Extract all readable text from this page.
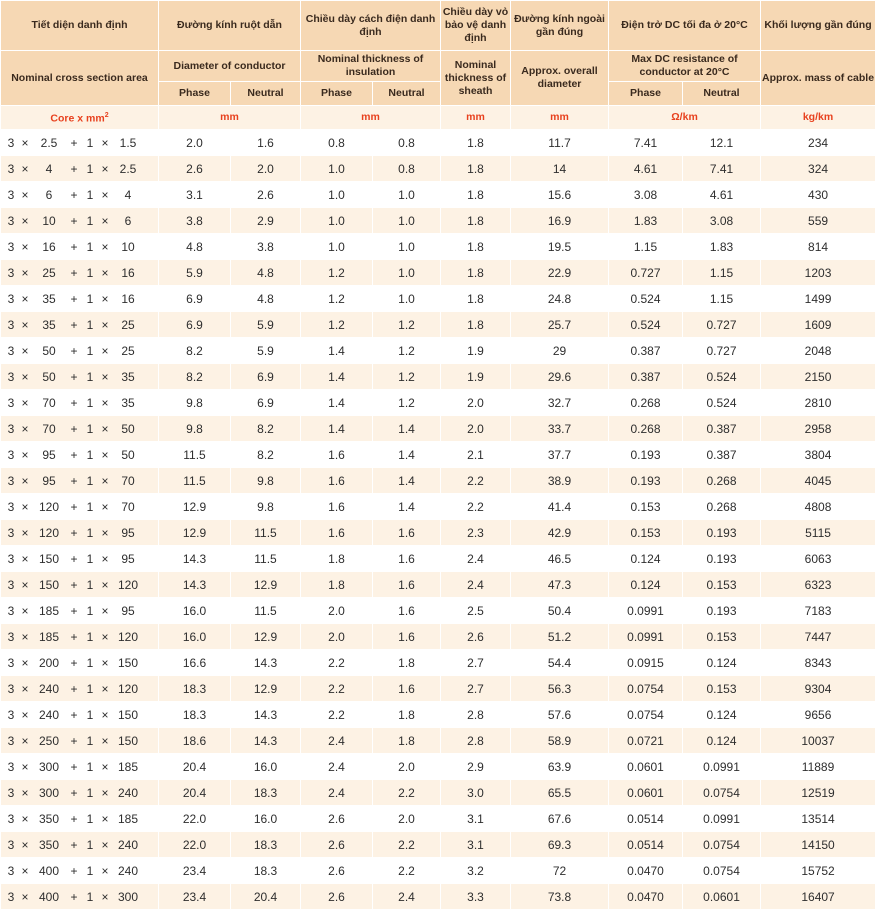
Tiết diện danh định	Đường kính ruột dẫn		Chiều dày cách điện danh định		Chiều dày vỏ bảo vệ danh định	Đường kính ngoài gần đúng	Điện trở DC tối đa ở 20°C		Khối lượng gần đúng
Nominal cross section area	Diameter of conductor		Nominal thickness of insulation		Nominal thickness of sheath	Approx. overall diameter	Max DC resistance of conductor at 20°C		Approx. mass of cable
	Phase	Neutral	Phase	Neutral			Phase	Neutral	
Core x $mm^2$	mm		mm		mm	mm	Ω/km		kg/km
3 × 2.5 + 1 × 1.5	2.0	1.6	0.8	0.8	1.8	11.7	7.41	12.1	234
3 × 4 + 1 × 2.5	2.6	2.0	1.0	0.8	1.8	14	4.61	7.41	324
3 × 6 + 1 × 4	3.1	2.6	1.0	1.0	1.8	15.6	3.08	4.61	430
3 × 10 + 1 × 6	3.8	2.9	1.0	1.0	1.8	16.9	1.83	3.08	559
3 × 16 + 1 × 10	4.8	3.8	1.0	1.0	1.8	19.5	1.15	1.83	814
3 × 25 + 1 × 16	5.9	4.8	1.2	1.0	1.8	22.9	0.727	1.15	1203
3 × 35 + 1 × 16	6.9	4.8	1.2	1.0	1.8	24.8	0.524	1.15	1499
3 × 35 + 1 × 25	6.9	5.9	1.2	1.2	1.8	25.7	0.524	0.727	1609
3 × 50 + 1 × 25	8.2	5.9	1.4	1.2	1.9	29	0.387	0.727	2048
3 × 50 + 1 × 35	8.2	6.9	1.4	1.2	1.9	29.6	0.387	0.524	2150
3 × 70 + 1 × 35	9.8	6.9	1.4	1.2	2.0	32.7	0.268	0.524	2810
3 × 70 + 1 × 50	9.8	8.2	1.4	1.4	2.0	33.7	0.268	0.387	2958
3 × 95 + 1 × 50	11.5	8.2	1.6	1.4	2.1	37.7	0.193	0.387	3804
3 × 95 + 1 × 70	11.5	9.8	1.6	1.4	2.2	38.9	0.193	0.268	4045
3 × 120 + 1 × 70	12.9	9.8	1.6	1.4	2.2	41.4	0.153	0.268	4808
3 × 120 + 1 × 95	12.9	11.5	1.6	1.6	2.3	42.9	0.153	0.193	5115
3 × 150 + 1 × 95	14.3	11.5	1.8	1.6	2.4	46.5	0.124	0.193	6063
3 × 150 + 1 × 120	14.3	12.9	1.8	1.6	2.4	47.3	0.124	0.153	6323
3 × 185 + 1 × 95	16.0	11.5	2.0	1.6	2.5	50.4	0.0991	0.193	7183
3 × 185 + 1 × 120	16.0	12.9	2.0	1.6	2.6	51.2	0.0991	0.153	7447
3 × 200 + 1 × 150	16.6	14.3	2.2	1.8	2.7	54.4	0.0915	0.124	8343
3 × 240 + 1 × 120	18.3	12.9	2.2	1.6	2.7	56.3	0.0754	0.153	9304
3 × 240 + 1 × 150	18.3	14.3	2.2	1.8	2.8	57.6	0.0754	0.124	9656
3 × 250 + 1 × 150	18.6	14.3	2.4	1.8	2.8	58.9	0.0721	0.124	10037
3 × 300 + 1 × 185	20.4	16.0	2.4	2.0	2.9	63.9	0.0601	0.0991	11889
3 × 300 + 1 × 240	20.4	18.3	2.4	2.2	3.0	65.5	0.0601	0.0754	12519
3 × 350 + 1 × 185	22.0	16.0	2.6	2.0	3.1	67.6	0.0514	0.0991	13514
3 × 350 + 1 × 240	22.0	18.3	2.6	2.2	3.1	69.3	0.0514	0.0754	14150
3 × 400 + 1 × 240	23.4	18.3	2.6	2.2	3.2	72	0.0470	0.0754	15752
3 × 400 + 1 × 300	23.4	20.4	2.6	2.4	3.3	73.8	0.0470	0.0601	16407
